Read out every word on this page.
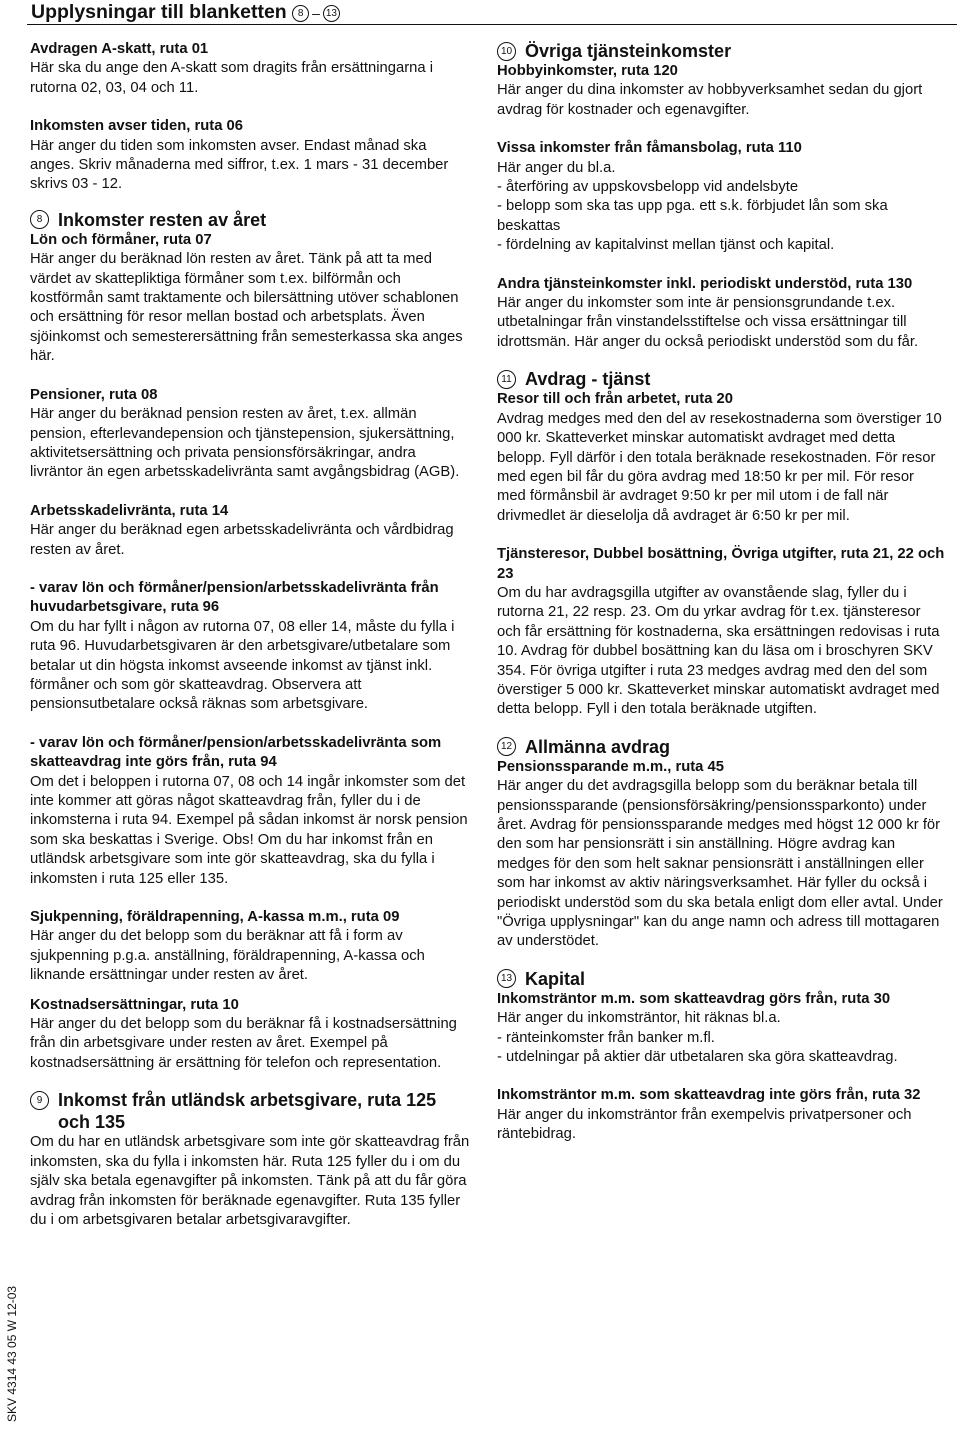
Upplysningar till blanketten 8 – 13
SKV 4314 43 05 W 12-03
Avdragen A-skatt, ruta 01
Här ska du ange den A-skatt som dragits från ersättningarna i rutorna 02, 03, 04 och 11.
Inkomsten avser tiden, ruta 06
Här anger du tiden som inkomsten avser. Endast månad ska anges. Skriv månaderna med siffror, t.ex. 1 mars - 31 december skrivs 03 - 12.
8 Inkomster resten av året
Lön och förmåner, ruta 07
Här anger du beräknad lön resten av året. Tänk på att ta med värdet av skattepliktiga förmåner som t.ex. bilförmån och kostförmån samt traktamente och bilersättning utöver schablonen och ersättning för resor mellan bostad och arbetsplats. Även sjöinkomst och semesterersättning från semesterkassa ska anges här.
Pensioner, ruta 08
Här anger du beräknad pension resten av året, t.ex. allmän pension, efterlevandepension och tjänstepension, sjukersättning, aktivitetsersättning och privata pensionsförsäkringar, andra livräntor än egen arbetsskadelivränta samt avgångsbidrag (AGB).
Arbetsskadelivränta, ruta 14
Här anger du beräknad egen arbetsskadelivränta och vårdbidrag resten av året.
- varav lön och förmåner/pension/arbetsskadelivränta från huvudarbetsgivare, ruta 96
Om du har fyllt i någon av rutorna 07, 08 eller 14, måste du fylla i ruta 96. Huvudarbetsgivaren är den arbetsgivare/utbetalare som betalar ut din högsta inkomst avseende inkomst av tjänst inkl. förmåner och som gör skatteavdrag. Observera att pensionsutbetalare också räknas som arbetsgivare.
- varav lön och förmåner/pension/arbetsskadelivränta som skatteavdrag inte görs från, ruta 94
Om det i beloppen i rutorna 07, 08 och 14 ingår inkomster som det inte kommer att göras något skatteavdrag från, fyller du i de inkomsterna i ruta 94. Exempel på sådan inkomst är norsk pension som ska beskattas i Sverige. Obs! Om du har inkomst från en utländsk arbetsgivare som inte gör skatteavdrag, ska du fylla i inkomsten i ruta 125 eller 135.
Sjukpenning, föräldrapenning, A-kassa m.m., ruta 09
Här anger du det belopp som du beräknar att få i form av sjukpenning p.g.a. anställning, föräldrapenning, A-kassa och liknande ersättningar under resten av året.
Kostnadsersättningar, ruta 10
Här anger du det belopp som du beräknar få i kostnadsersättning från din arbetsgivare under resten av året. Exempel på kostnadsersättning är ersättning för telefon och representation.
9 Inkomst från utländsk arbetsgivare, ruta 125 och 135
Om du har en utländsk arbetsgivare som inte gör skatteavdrag från inkomsten, ska du fylla i inkomsten här. Ruta 125 fyller du i om du själv ska betala egenavgifter på inkomsten. Tänk på att du får göra avdrag från inkomsten för beräknade egenavgifter. Ruta 135 fyller du i om arbetsgivaren betalar arbetsgivaravgifter.
10 Övriga tjänsteinkomster
Hobbyinkomster, ruta 120
Här anger du dina inkomster av hobbyverksamhet sedan du gjort avdrag för kostnader och egenavgifter.
Vissa inkomster från fåmansbolag, ruta 110
Här anger du bl.a.
- återföring av uppskovsbelopp vid andelsbyte
- belopp som ska tas upp pga. ett s.k. förbjudet lån som ska beskattas
- fördelning av kapitalvinst mellan tjänst och kapital.
Andra tjänsteinkomster inkl. periodiskt understöd, ruta 130
Här anger du inkomster som inte är pensionsgrundande t.ex. utbetalningar från vinstandelsstiftelse och vissa ersättningar till idrottsmän. Här anger du också periodiskt understöd som du får.
11 Avdrag - tjänst
Resor till och från arbetet, ruta 20
Avdrag medges med den del av resekostnaderna som överstiger 10 000 kr. Skatteverket minskar automatiskt avdraget med detta belopp. Fyll därför i den totala beräknade resekostnaden. För resor med egen bil får du göra avdrag med 18:50 kr per mil. För resor med förmånsbil är avdraget 9:50 kr per mil utom i de fall när drivmedlet är dieselolja då avdraget är 6:50 kr per mil.
Tjänsteresor, Dubbel bosättning, Övriga utgifter, ruta 21, 22 och 23
Om du har avdragsgilla utgifter av ovanstående slag, fyller du i rutorna 21, 22 resp. 23. Om du yrkar avdrag för t.ex. tjänsteresor och får ersättning för kostnaderna, ska ersättningen redovisas i ruta 10. Avdrag för dubbel bosättning kan du läsa om i broschyren SKV 354. För övriga utgifter i ruta 23 medges avdrag med den del som överstiger 5 000 kr. Skatteverket minskar automatiskt avdraget med detta belopp. Fyll i den totala beräknade utgiften.
12 Allmänna avdrag
Pensionssparande m.m., ruta 45
Här anger du det avdragsgilla belopp som du beräknar betala till pensionssparande (pensionsförsäkring/pensionssparkonto) under året. Avdrag för pensionssparande medges med högst 12 000 kr för den som har pensionsrätt i sin anställning. Högre avdrag kan medges för den som helt saknar pensionsrätt i anställningen eller som har inkomst av aktiv näringsverksamhet. Här fyller du också i periodiskt understöd som du ska betala enligt dom eller avtal. Under "Övriga upplysningar" kan du ange namn och adress till mottagaren av understödet.
13 Kapital
Inkomsträntor m.m. som skatteavdrag görs från, ruta 30
Här anger du inkomsträntor, hit räknas bl.a.
- ränteinkomster från banker m.fl.
- utdelningar på aktier där utbetalaren ska göra skatteavdrag.
Inkomsträntor m.m. som skatteavdrag inte görs från, ruta 32
Här anger du inkomsträntor från exempelvis privatpersoner och räntebidrag.
